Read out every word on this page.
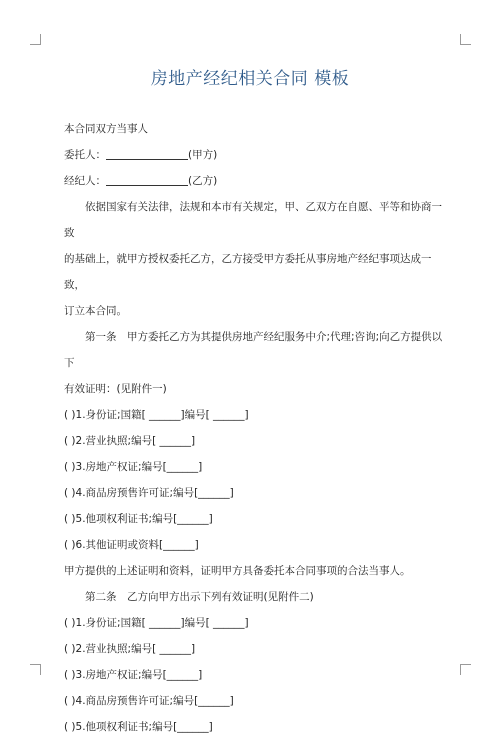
房地产经纪相关合同 模板

本合同双方当事人

委托人：	(甲方)

经纪人：	(乙方)

依据国家有关法律，法规和本市有关规定，甲、乙双方在自愿、平等和协商一致

的基础上，就甲方授权委托乙方，乙方接受甲方委托从事房地产经纪事项达成一致，

订立本合同。

第一条　甲方委托乙方为其提供房地产经纪服务中介;代理;咨询;向乙方提供以下

有效证明：(见附件一)

( )1.身份证;国籍[ ______]编号[ ______]

( )2.营业执照;编号[ ______]

( )3.房地产权证;编号[______]

( )4.商品房预售许可证;编号[______]

( )5.他项权利证书;编号[______]

( )6.其他证明或资料[______]

甲方提供的上述证明和资料，证明甲方具备委托本合同事项的合法当事人。

第二条　乙方向甲方出示下列有效证明(见附件二)

( )1.身份证;国籍[ ______]编号[ ______]

( )2.营业执照;编号[ ______]

( )3.房地产权证;编号[______]

( )4.商品房预售许可证;编号[______]

( )5.他项权利证书;编号[______]
